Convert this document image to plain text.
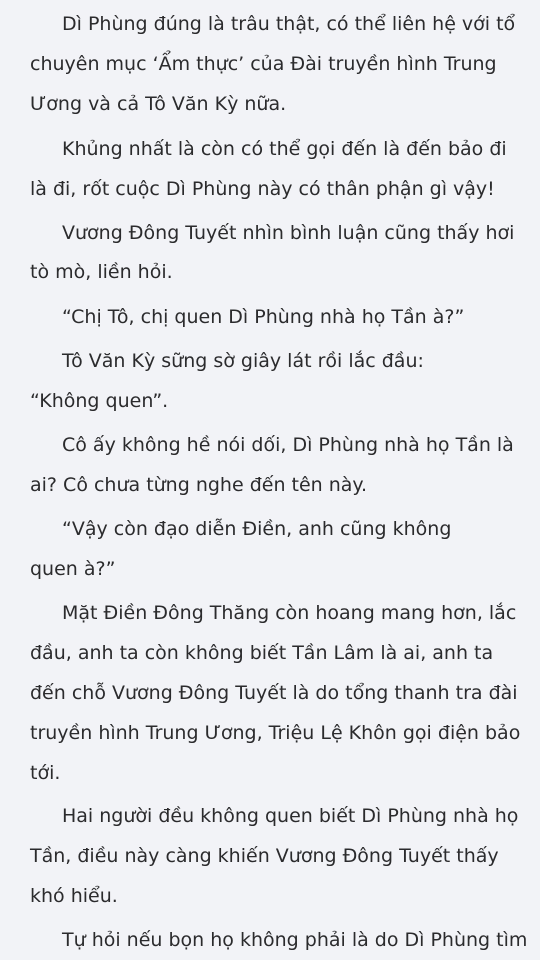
Dì Phùng đúng là trâu thật, có thể liên hệ với tổ

chuyên mục ‘Ẩm thực’ của Đài truyền hình Trung

Ương và cả Tô Văn Kỳ nữa.

Khủng nhất là còn có thể gọi đến là đến bảo đi

là đi, rốt cuộc Dì Phùng này có thân phận gì vậy!

Vương Đông Tuyết nhìn bình luận cũng thấy hơi

tò mò, liền hỏi.

“Chị Tô, chị quen Dì Phùng nhà họ Tần à?”

Tô Văn Kỳ sững sờ giây lát rồi lắc đầu:

“Không quen”.

Cô ấy không hề nói dối, Dì Phùng nhà họ Tần là

ai? Cô chưa từng nghe đến tên này.

“Vậy còn đạo diễn Điền, anh cũng không

quen à?”

Mặt Điền Đông Thăng còn hoang mang hơn, lắc

đầu, anh ta còn không biết Tần Lâm là ai, anh ta

đến chỗ Vương Đông Tuyết là do tổng thanh tra đài

truyền hình Trung Ương, Triệu Lệ Khôn gọi điện bảo

tới.

Hai người đều không quen biết Dì Phùng nhà họ

Tần, điều này càng khiến Vương Đông Tuyết thấy

khó hiểu.

Tự hỏi nếu bọn họ không phải là do Dì Phùng tìm
